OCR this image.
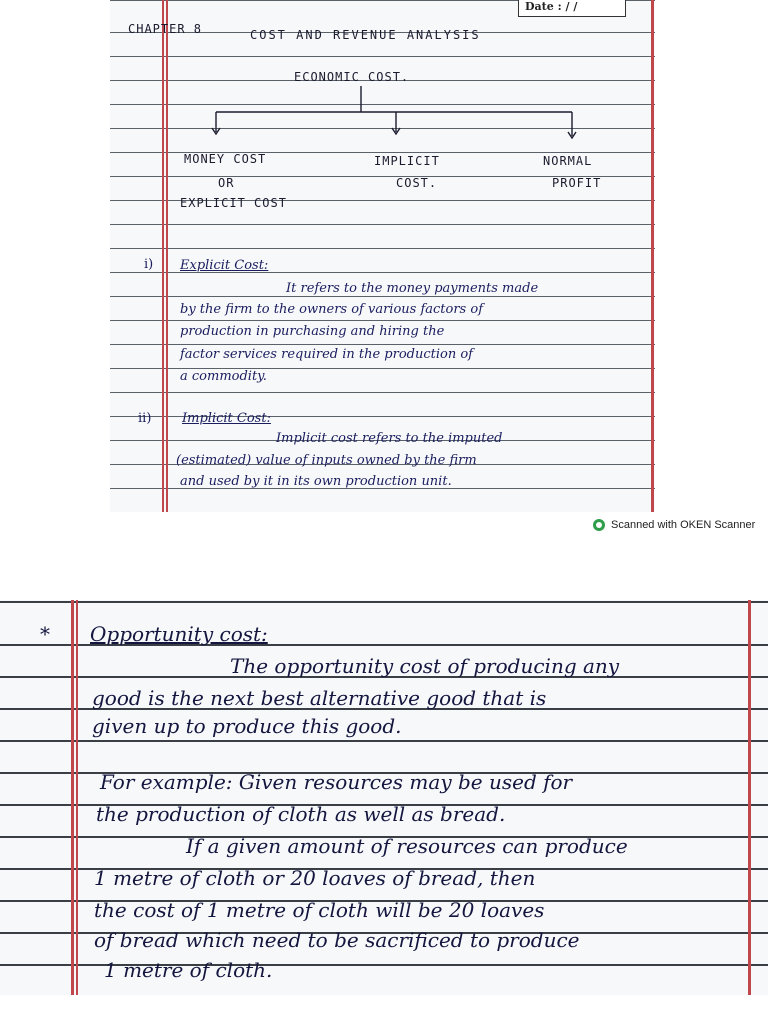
Date : / /
CHAPTER 8	COST AND REVENUE ANALYSIS
ECONOMIC COST.
MONEY COST
OR
EXPLICIT COST
IMPLICIT
COST.
NORMAL
PROFIT
i) Explicit Cost:
It refers to the money payments made
by the firm to the owners of various factors of
production in purchasing and hiring the
factor services required in the production of
a commodity.
ii) Implicit Cost:
Implicit cost refers to the imputed
(estimated) value of inputs owned by the firm
and used by it in its own production unit.
Scanned with OKEN Scanner
* Opportunity cost:
The opportunity cost of producing any
good is the next best alternative good that is
given up to produce this good.
For example: Given resources may be used for
the production of cloth as well as bread.
If a given amount of resources can produce
1 metre of cloth or 20 loaves of bread, then
the cost of 1 metre of cloth will be 20 loaves
of bread which need to be sacrificed to produce
1 metre of cloth.
